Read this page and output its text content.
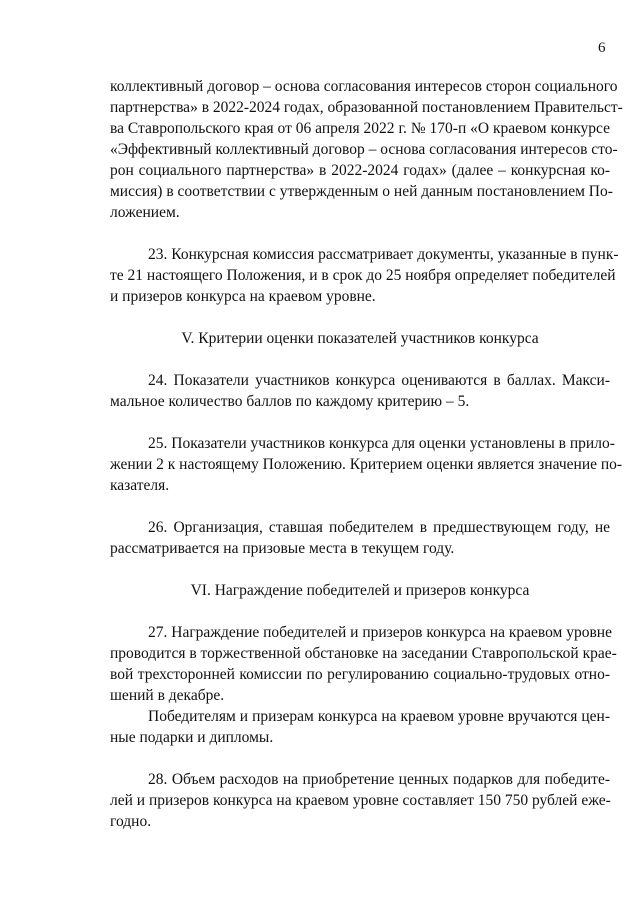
6
коллективный договор – основа согласования интересов сторон социального
партнерства» в 2022-2024 годах, образованной постановлением Правительст-
ва Ставропольского края от 06 апреля 2022 г. № 170-п «О краевом конкурсе
«Эффективный коллективный договор – основа согласования интересов сто-
рон социального партнерства» в 2022-2024 годах» (далее – конкурсная ко-
миссия) в соответствии с утвержденным о ней данным постановлением По-
ложением.
23. Конкурсная комиссия рассматривает документы, указанные в пунк-
те 21 настоящего Положения, и в срок до 25 ноября определяет победителей
и призеров конкурса на краевом уровне.

V. Критерии оценки показателей участников конкурса

24. Показатели участников конкурса оцениваются в баллах. Макси-
мальное количество баллов по каждому критерию – 5.
25. Показатели участников конкурса для оценки установлены в прило-
жении 2 к настоящему Положению. Критерием оценки является значение по-
казателя.
26. Организация, ставшая победителем в предшествующем году, не
рассматривается на призовые места в текущем году.

VI. Награждение победителей и призеров конкурса

27. Награждение победителей и призеров конкурса на краевом уровне
проводится в торжественной обстановке на заседании Ставропольской крае-
вой трехсторонней комиссии по регулированию социально-трудовых отно-
шений в декабре.
Победителям и призерам конкурса на краевом уровне вручаются цен-
ные подарки и дипломы.
28. Объем расходов на приобретение ценных подарков для победите-
лей и призеров конкурса на краевом уровне составляет 150 750 рублей еже-
годно.
